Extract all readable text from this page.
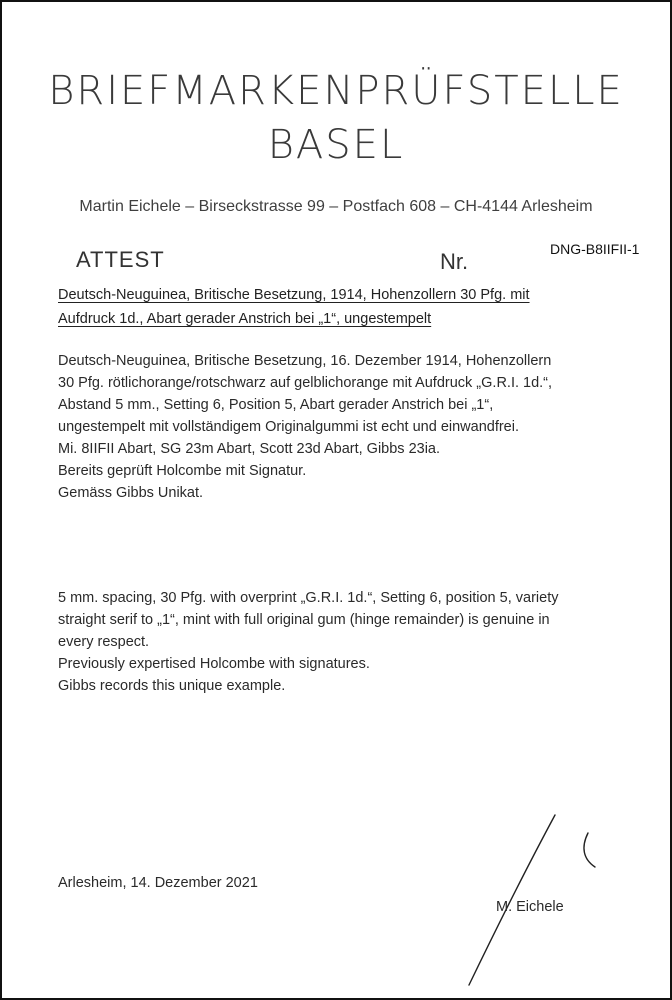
BRIEFMARKENPRÜFSTELLE
BASEL
Martin Eichele – Birseckstrasse 99 – Postfach 608 – CH-4144 Arlesheim
ATTEST	Nr.	DNG-B8IIFII-1
Deutsch-Neuguinea, Britische Besetzung, 1914, Hohenzollern 30 Pfg. mit
Aufdruck 1d., Abart gerader Anstrich bei „1“, ungestempelt

Deutsch-Neuguinea, Britische Besetzung, 16. Dezember 1914, Hohenzollern

30 Pfg. rötlichorange/rotschwarz auf gelblichorange mit Aufdruck „G.R.I. 1d.“,

Abstand 5 mm., Setting 6, Position 5, Abart gerader Anstrich bei „1“,

ungestempelt mit vollständigem Originalgummi ist echt und einwandfrei.

Mi. 8IIFII Abart, SG 23m Abart, Scott 23d Abart, Gibbs 23ia.

Bereits geprüft Holcombe mit Signatur.

Gemäss Gibbs Unikat.

5 mm. spacing, 30 Pfg. with overprint „G.R.I. 1d.“, Setting 6, position 5, variety

straight serif to „1“, mint with full original gum (hinge remainder) is genuine in

every respect.

Previously expertised Holcombe with signatures.

Gibbs records this unique example.

Arlesheim, 14. Dezember 2021
M. Eichele
